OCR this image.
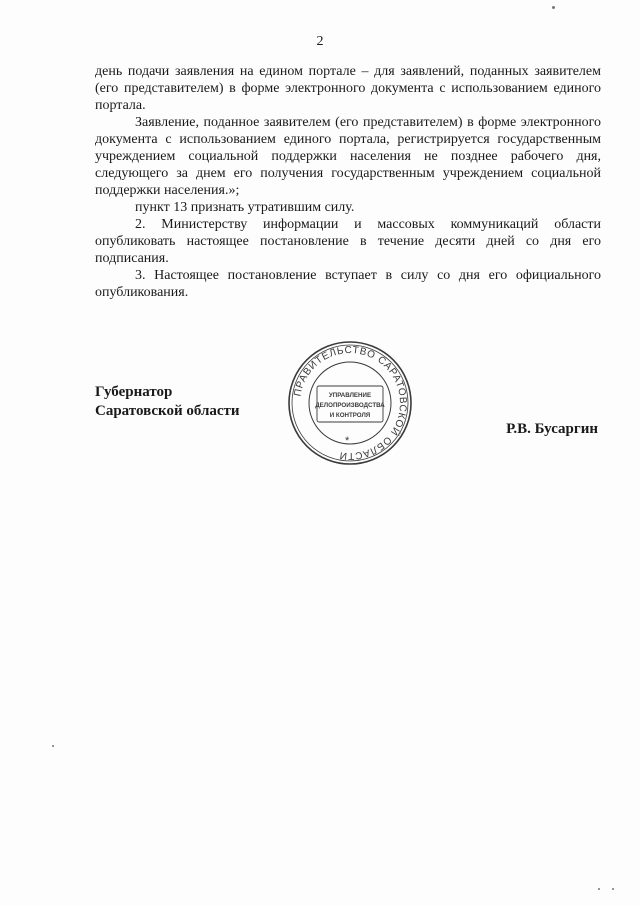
2

день подачи заявления на едином портале – для заявлений, поданных заявителем (его представителем) в форме электронного документа с использованием единого портала.

Заявление, поданное заявителем (его представителем) в форме электронного документа с использованием единого портала, регистрируется государственным учреждением социальной поддержки населения не позднее рабочего дня, следующего за днем его получения государственным учреждением социальной поддержки населения.»;

пункт 13 признать утратившим силу.

2. Министерству информации и массовых коммуникаций области опубликовать настоящее постановление в течение десяти дней со дня его подписания.

3. Настоящее постановление вступает в силу со дня его официального опубликования.

Губернатор
Саратовской области
ПРАВИТЕЛЬСТВО САРАТОВСКОЙ ОБЛАСТИ
УПРАВЛЕНИЕ
ДЕЛОПРОИЗВОДСТВА
И КОНТРОЛЯ
*
Р.В. Бусаргин
